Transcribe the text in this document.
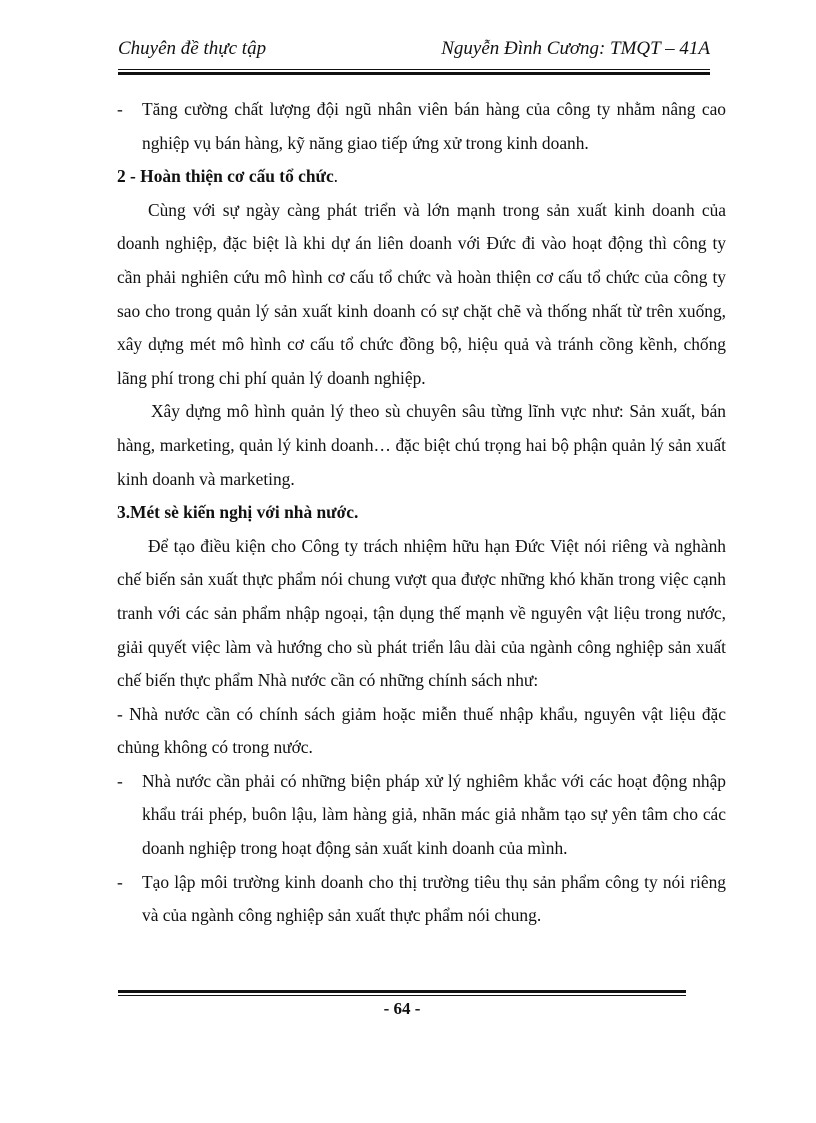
Chuyên đề thực tập	Nguyễn Đình Cương: TMQT – 41A

- Tăng cường chất lượng đội ngũ nhân viên bán hàng của công ty nhằm nâng cao nghiệp vụ bán hàng, kỹ năng giao tiếp ứng xử trong kinh doanh.

2 - Hoàn thiện cơ cấu tổ chức.

Cùng với sự ngày càng phát triển và lớn mạnh trong sản xuất kinh doanh của doanh nghiệp, đặc biệt là khi dự án liên doanh với Đức đi vào hoạt động thì công ty cần phải nghiên cứu mô hình cơ cấu tổ chức và hoàn thiện cơ cấu tổ chức của công ty sao cho trong quản lý sản xuất kinh doanh có sự chặt chẽ và thống nhất từ trên xuống, xây dựng mét mô hình cơ cấu tổ chức đồng bộ, hiệu quả và tránh cồng kềnh, chống lãng phí trong chi phí quản lý doanh nghiệp.

Xây dựng mô hình quản lý theo sù chuyên sâu từng lĩnh vực như: Sản xuất, bán hàng, marketing, quản lý kinh doanh… đặc biệt chú trọng hai bộ phận quản lý sản xuất kinh doanh và marketing.

3.Mét sè kiến nghị với nhà nước.

Để tạo điều kiện cho Công ty trách nhiệm hữu hạn Đức Việt nói riêng và nghành chế biến sản xuất thực phẩm nói chung vượt qua được những khó khăn trong việc cạnh tranh với các sản phẩm nhập ngoại, tận dụng thế mạnh về nguyên vật liệu trong nước, giải quyết việc làm và hướng cho sù phát triển lâu dài của ngành công nghiệp sản xuất chế biến thực phẩm Nhà nước cần có những chính sách như:

- Nhà nước cần có chính sách giảm hoặc miễn thuế nhập khẩu, nguyên vật liệu đặc chủng không có trong nước.

- Nhà nước cần phải có những biện pháp xử lý nghiêm khắc với các hoạt động nhập khẩu trái phép, buôn lậu, làm hàng giả, nhãn mác giả nhằm tạo sự yên tâm cho các doanh nghiệp trong hoạt động sản xuất kinh doanh của mình.

- Tạo lập môi trường kinh doanh cho thị trường tiêu thụ sản phẩm công ty nói riêng và của ngành công nghiệp sản xuất thực phẩm nói chung.

- 64 -
